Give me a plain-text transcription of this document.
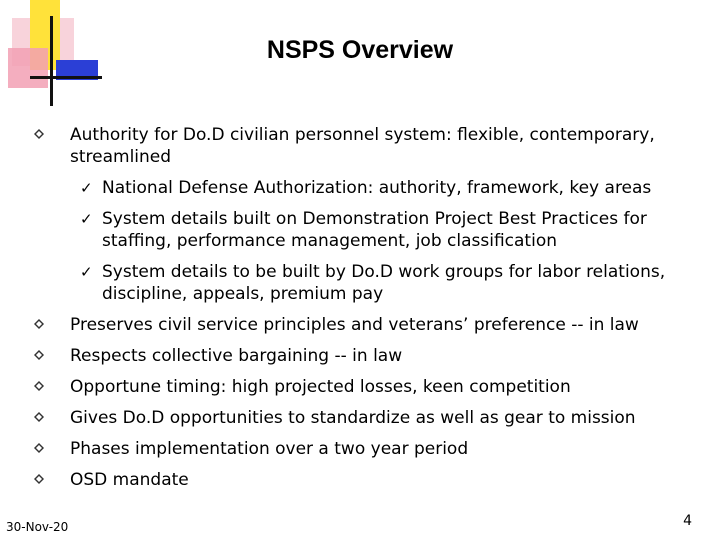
NSPS Overview
Authority for Do.D civilian personnel system: flexible, contemporary, streamlined
✓ National Defense Authorization: authority, framework, key areas
✓ System details built on Demonstration Project Best Practices for staffing, performance management, job classification
✓ System details to be built by Do.D work groups for labor relations, discipline, appeals, premium pay
Preserves civil service principles and veterans’ preference -- in law
Respects collective bargaining -- in law
Opportune timing: high projected losses, keen competition
Gives Do.D opportunities to standardize as well as gear to mission
Phases implementation over a two year period
OSD mandate
30-Nov-20	4
